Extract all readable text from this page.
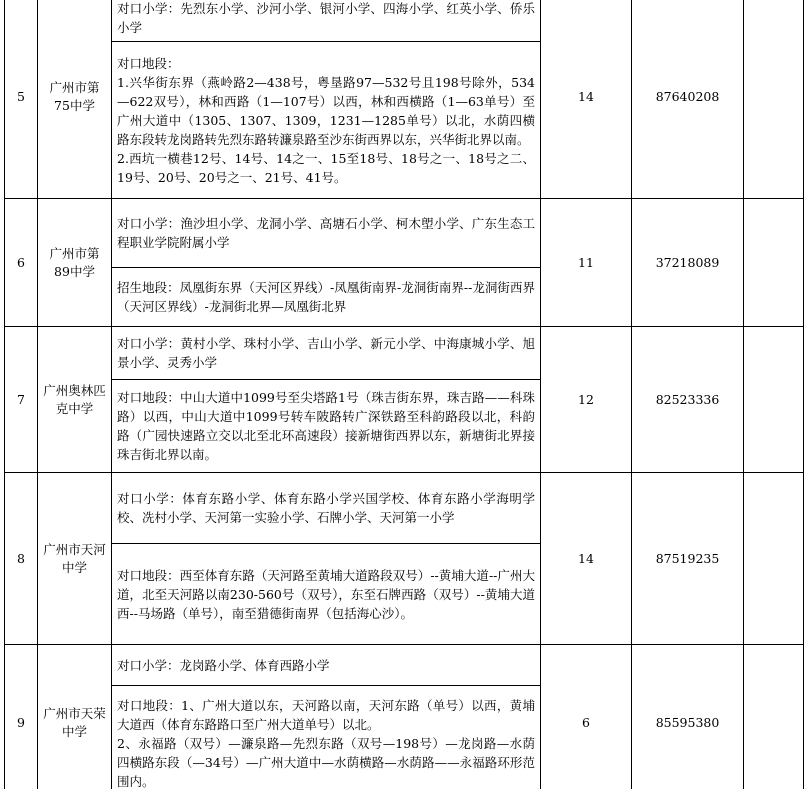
5	广州市第75中学	对口小学：先烈东小学、沙河小学、银河小学、四海小学、红英小学、侨乐小学	14	87640208	

		对口地段：
1.兴华街东界（燕岭路2—438号，粤垦路97—532号且198号除外，534—622双号），林和西路（1—107号）以西，林和西横路（1—63单号）至广州大道中（1305、1307、1309，1231—1285单号）以北，水荫四横路东段转龙岗路转先烈东路转濂泉路至沙东街西界以东，兴华街北界以南。
2.西坑一横巷12号、14号、14之一、15至18号、18号之一、18号之二、19号、20号、20号之一、21号、41号。			

6	广州市第89中学	对口小学：渔沙坦小学、龙洞小学、高塘石小学、柯木塱小学、广东生态工程职业学院附属小学	11	37218089	

		招生地段：凤凰街东界（天河区界线）-凤凰街南界-龙洞街南界--龙洞街西界（天河区界线）-龙洞街北界—凤凰街北界			

7	广州奥林匹克中学	对口小学：黄村小学、珠村小学、吉山小学、新元小学、中海康城小学、旭景小学、灵秀小学	12	82523336	

		对口地段：中山大道中1099号至尖塔路1号（珠吉街东界，珠吉路——科珠路）以西，中山大道中1099号转车陂路转广深铁路至科韵路段以北，科韵路（广园快速路立交以北至北环高速段）接新塘街西界以东，新塘街北界接珠吉街北界以南。			

8	广州市天河中学	对口小学：体育东路小学、体育东路小学兴国学校、体育东路小学海明学校、冼村小学、天河第一实验小学、石牌小学、天河第一小学	14	87519235	

		对口地段：西至体育东路（天河路至黄埔大道路段双号）--黄埔大道--广州大道，北至天河路以南230-560号（双号），东至石牌西路（双号）--黄埔大道西--马场路（单号），南至猎德街南界（包括海心沙）。			

9	广州市天荣中学	对口小学：龙岗路小学、体育西路小学	6	85595380	

		对口地段：1、广州大道以东，天河路以南，天河东路（单号）以西，黄埔大道西（体育东路路口至广州大道单号）以北。
2、永福路（双号）—濂泉路—先烈东路（双号—198号）—龙岗路—水荫四横路东段（—34号）—广州大道中—水荫横路—水荫路——永福路环形范围内。			
